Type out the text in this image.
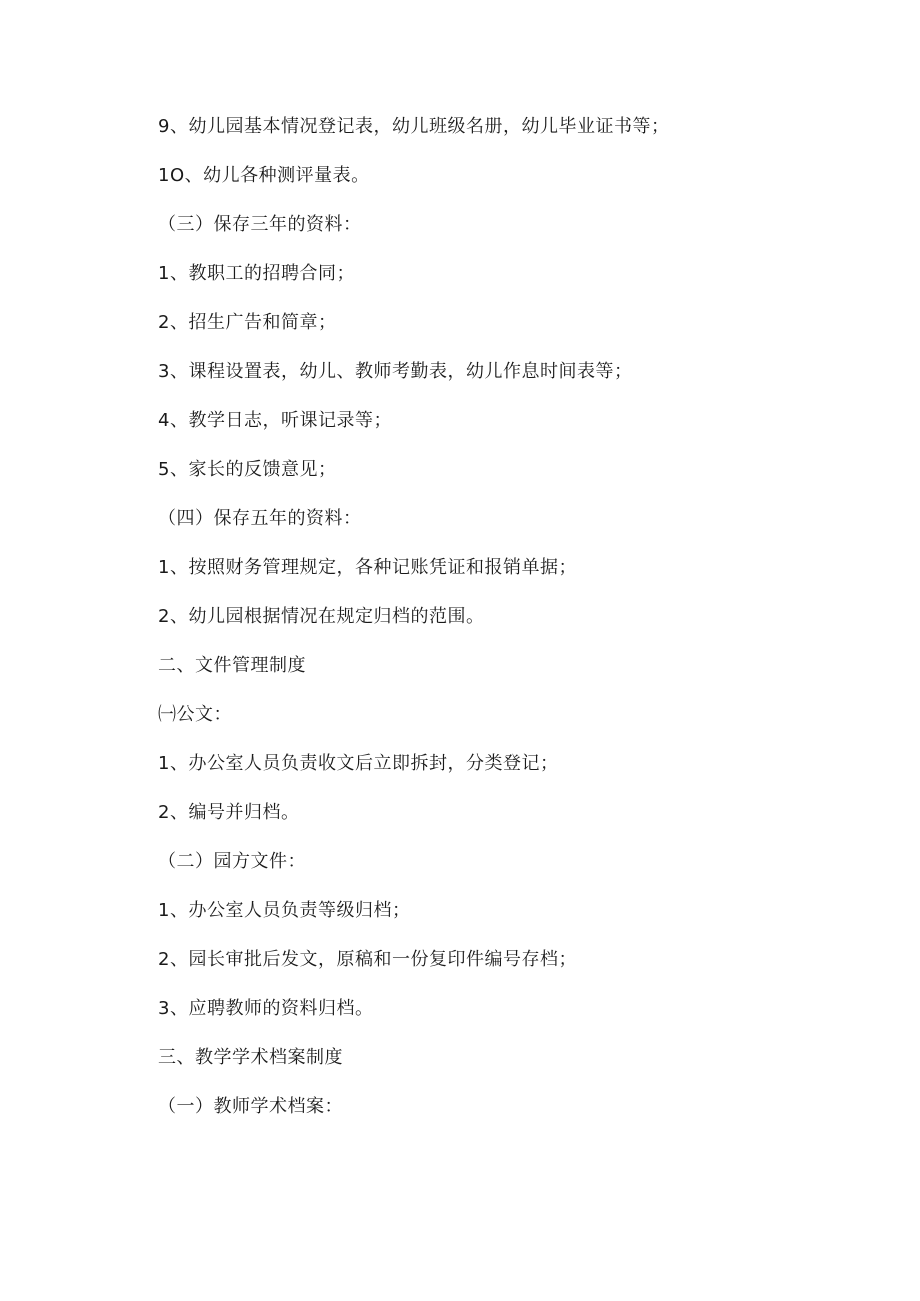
9、幼儿园基本情况登记表，幼儿班级名册，幼儿毕业证书等；
1O、幼儿各种测评量表。
（三）保存三年的资料：
1、教职工的招聘合同；
2、招生广告和简章；
3、课程设置表，幼儿、教师考勤表，幼儿作息时间表等；
4、教学日志，听课记录等；
5、家长的反馈意见；
（四）保存五年的资料：
1、按照财务管理规定，各种记账凭证和报销单据；
2、幼儿园根据情况在规定归档的范围。
二、文件管理制度
㈠公文：
1、办公室人员负责收文后立即拆封，分类登记；
2、编号并归档。
（二）园方文件：
1、办公室人员负责等级归档；
2、园长审批后发文，原稿和一份复印件编号存档；
3、应聘教师的资料归档。
三、教学学术档案制度
（一）教师学术档案：
